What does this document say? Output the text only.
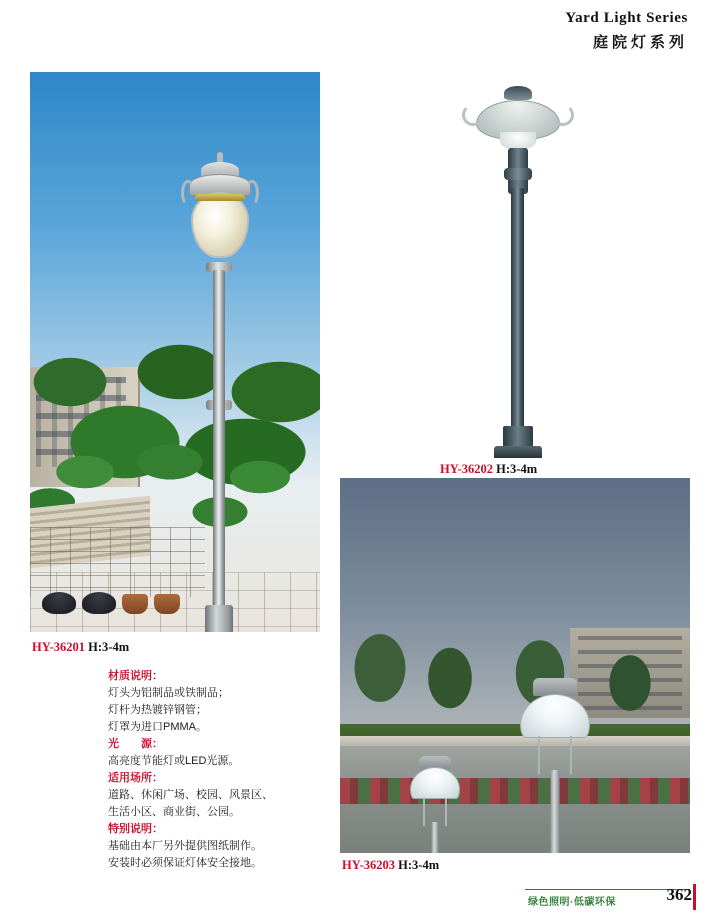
Yard Light Series
庭院灯系列
HY-36201 H:3-4m
HY-36202 H:3-4m
HY-36203 H:3-4m

材质说明：

灯头为铝制品或铁制品；

灯杆为热镀锌钢管；

灯罩为进口PMMA。

光　　源：

高亮度节能灯或LED光源。

适用场所：

道路、休闲广场、校园、风景区、

生活小区、商业街、公园。

特别说明：

基础由本厂另外提供图纸制作。

安装时必须保证灯体安全接地。

绿色照明·低碳环保	362
